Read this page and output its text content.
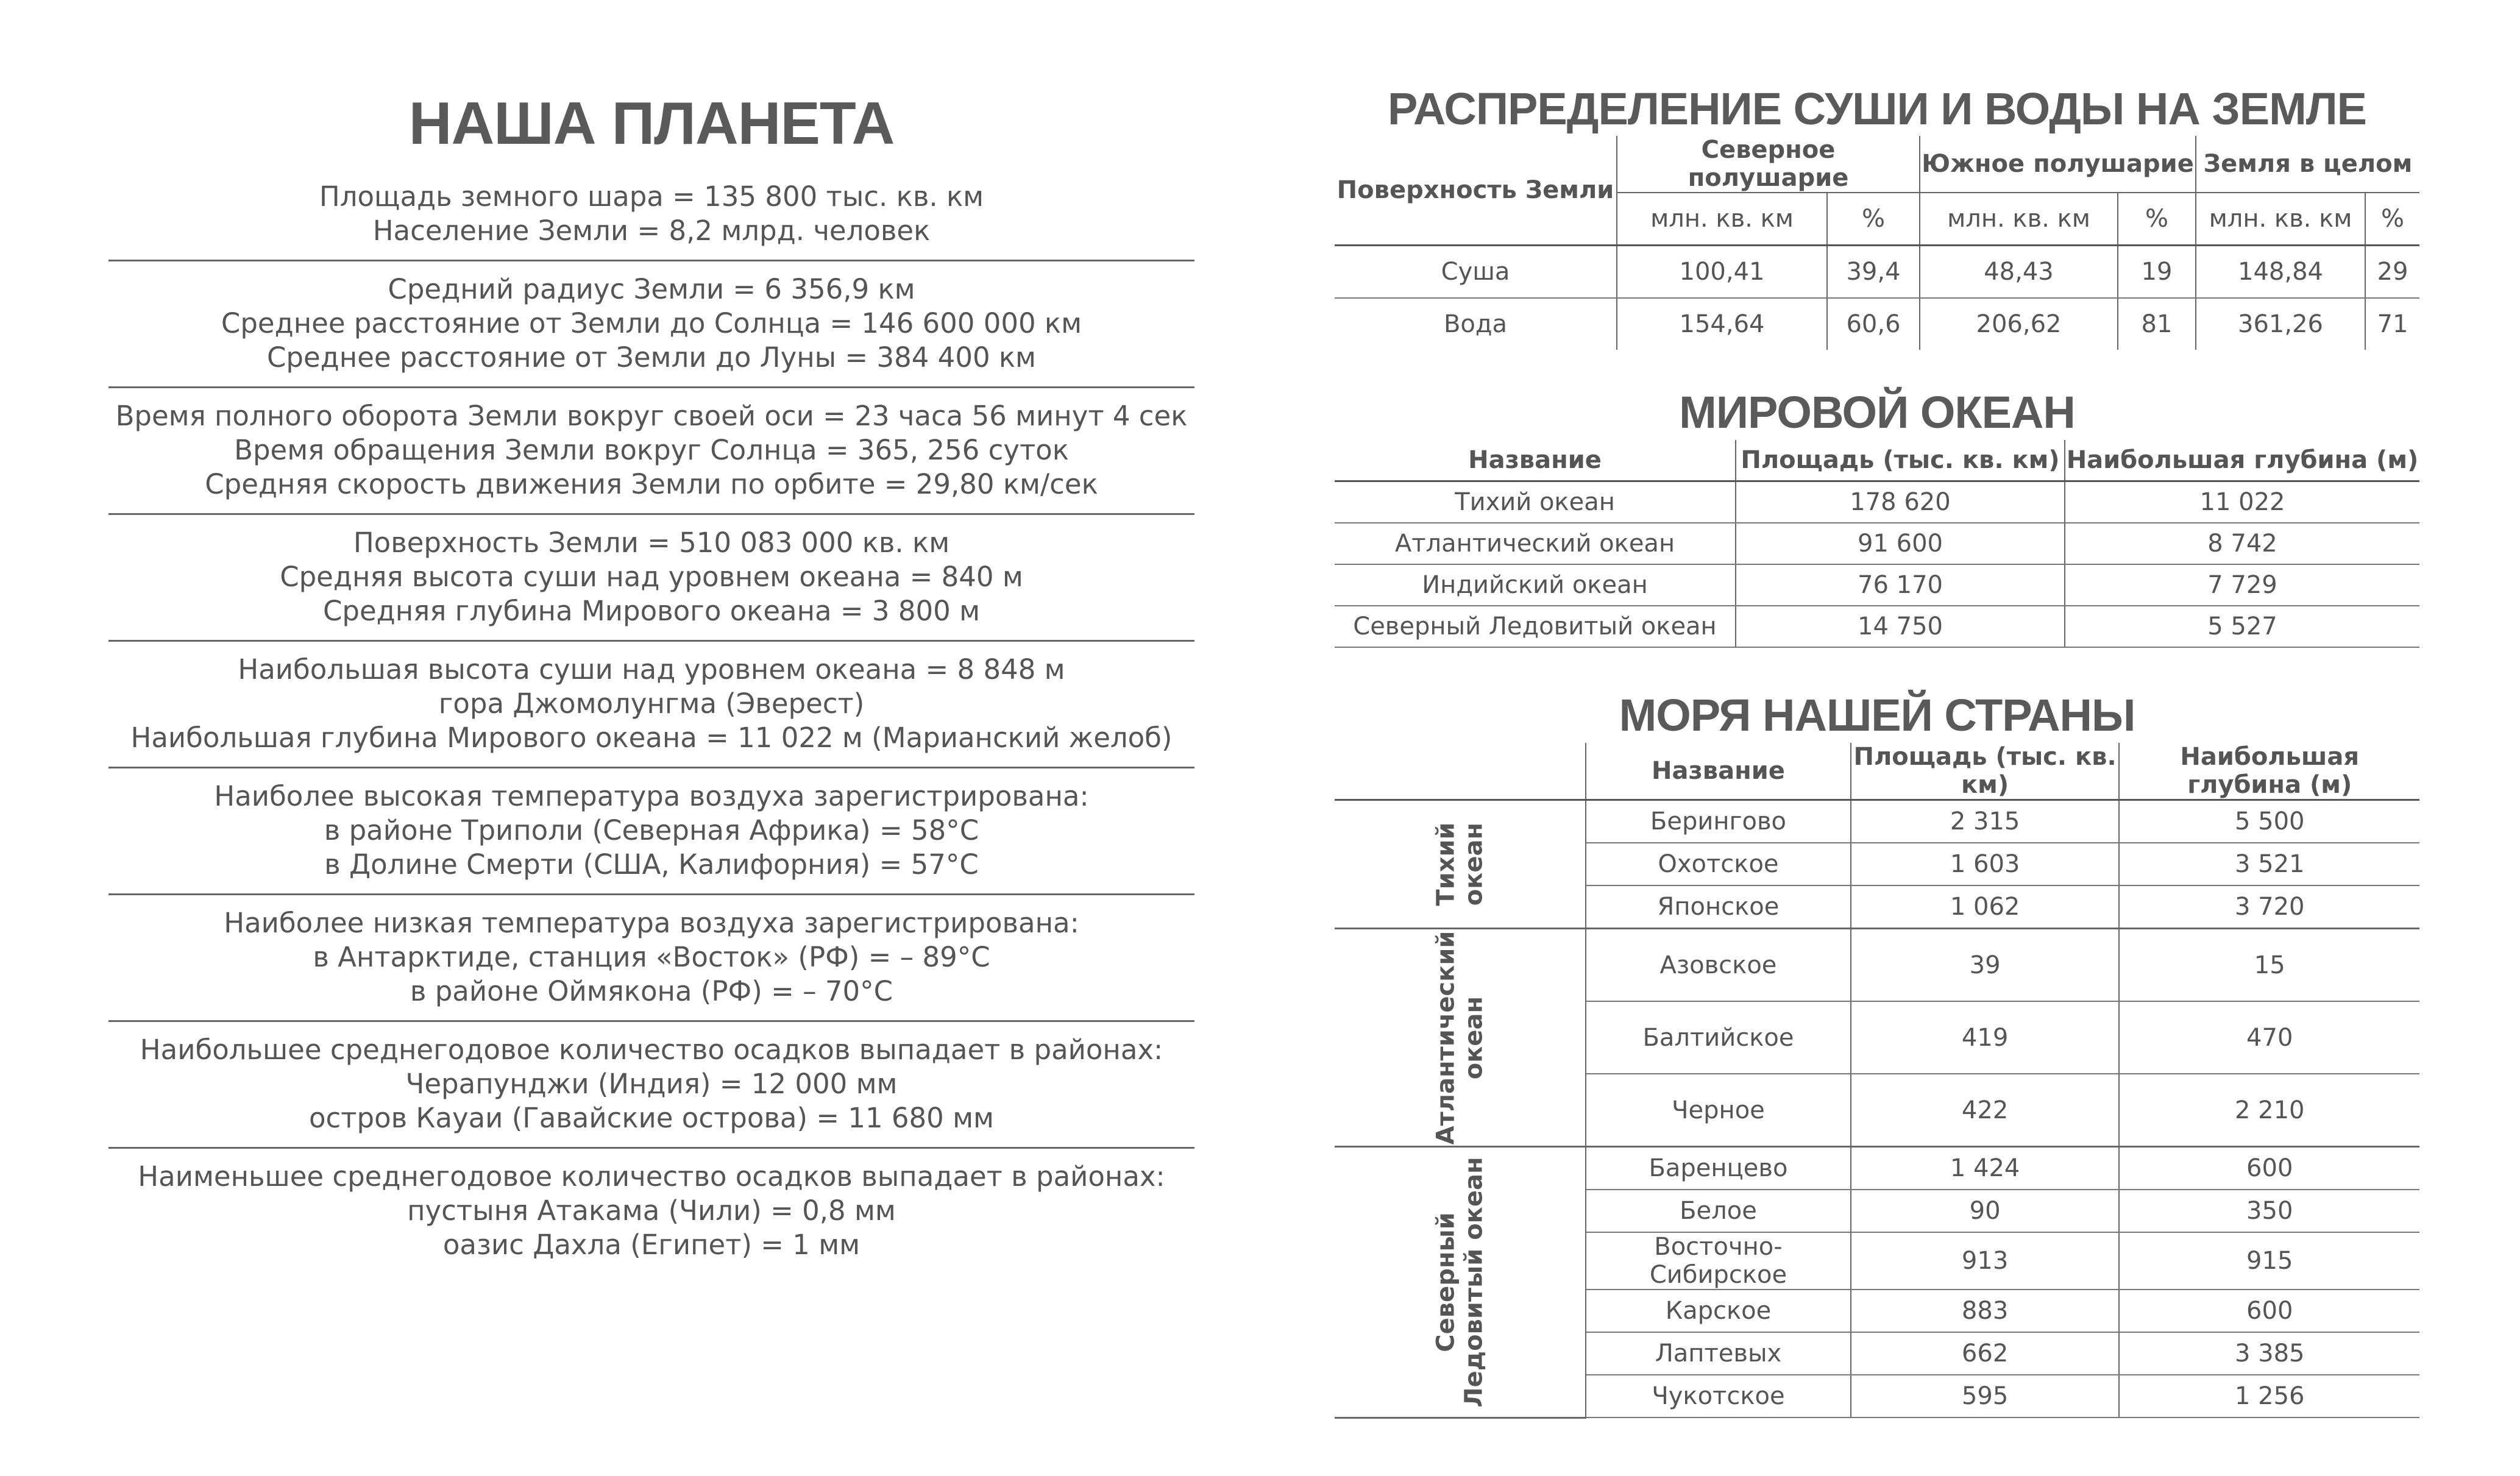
НАША ПЛАНЕТА
Площадь земного шара = 135 800 тыс. кв. км
Население Земли = 8,2 млрд. человек
Средний радиус Земли = 6 356,9 км
Среднее расстояние от Земли до Солнца = 146 600 000 км
Среднее расстояние от Земли до Луны = 384 400 км
Время полного оборота Земли вокруг своей оси = 23 часа 56 минут 4 сек
Время обращения Земли вокруг Солнца = 365, 256 суток
Средняя скорость движения Земли по орбите = 29,80 км/сек
Поверхность Земли = 510 083 000 кв. км
Средняя высота суши над уровнем океана = 840 м
Средняя глубина Мирового океана = 3 800 м
Наибольшая высота суши над уровнем океана = 8 848 м
гора Джомолунгма (Эверест)
Наибольшая глубина Мирового океана = 11 022 м (Марианский желоб)
Наиболее высокая температура воздуха зарегистрирована:
в районе Триполи (Северная Африка) = 58°С
в Долине Смерти (США, Калифорния) = 57°С
Наиболее низкая температура воздуха зарегистрирована:
в Антарктиде, станция «Восток» (РФ) = – 89°С
в районе Оймякона (РФ) = – 70°С
Наибольшее среднегодовое количество осадков выпадает в районах:
Черапунджи (Индия) = 12 000 мм
остров Кауаи (Гавайские острова) = 11 680 мм
Наименьшее среднегодовое количество осадков выпадает в районах:
пустыня Атакама (Чили) = 0,8 мм
оазис Дахла (Египет) = 1 мм
РАСПРЕДЕЛЕНИЕ СУШИ И ВОДЫ НА ЗЕМЛЕ
Поверхность Земли	Северное полушарие		Южное полушарие		Земля в целом	
	млн. кв. км	%	млн. кв. км	%	млн. кв. км	%
Суша	100,41	39,4	48,43	19	148,84	29
Вода	154,64	60,6	206,62	81	361,26	71
МИРОВОЙ ОКЕАН
Название	Площадь (тыс. кв. км)	Наибольшая глубина (м)
Тихий океан	178 620	11 022
Атлантический океан	91 600	8 742
Индийский океан	76 170	7 729
Северный Ледовитый океан	14 750	5 527
МОРЯ НАШЕЙ СТРАНЫ
	Название	Площадь (тыс. кв. км)	Наибольшая глубина (м)

Тихий океан	Берингово	2 315	5 500
	Охотское	1 603	3 521
	Японское	1 062	3 720

Атлантический океан	Азовское	39	15
	Балтийское	419	470
	Черное	422	2 210

Северный Ледовитый океан	Баренцево	1 424	600
	Белое	90	350
	Восточно-Сибирское	913	915
	Карское	883	600
	Лаптевых	662	3 385
	Чукотское	595	1 256
